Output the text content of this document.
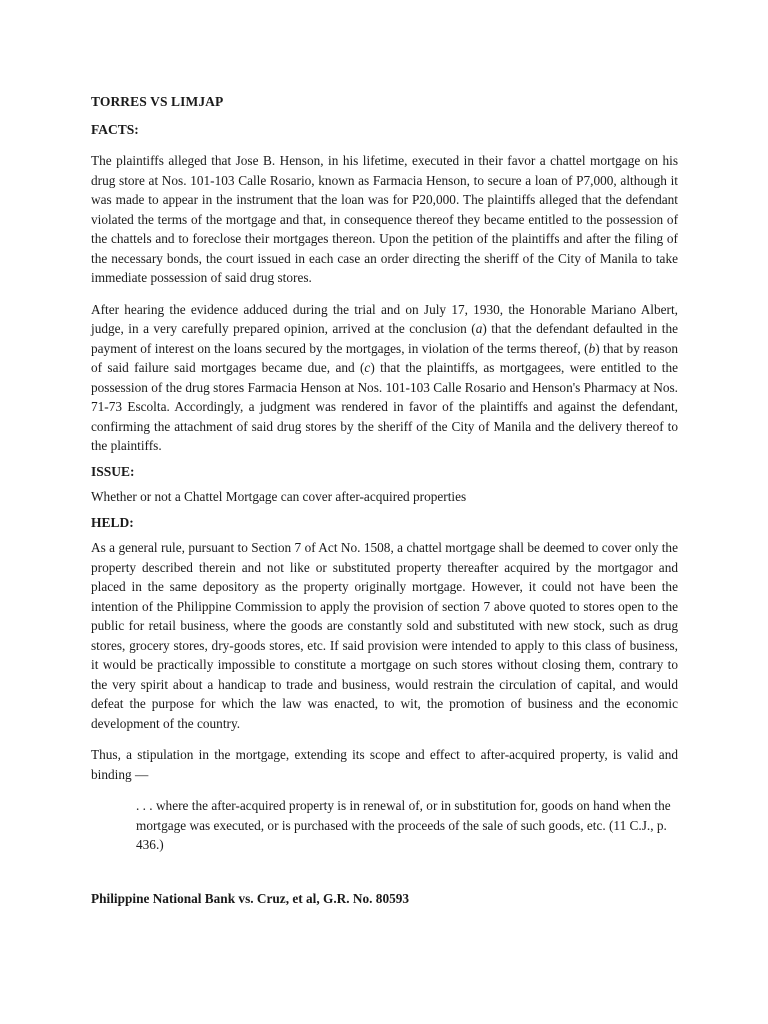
TORRES VS LIMJAP

FACTS:

The plaintiffs alleged that Jose B. Henson, in his lifetime, executed in their favor a chattel mortgage on his drug store at Nos. 101-103 Calle Rosario, known as Farmacia Henson, to secure a loan of P7,000, although it was made to appear in the instrument that the loan was for P20,000. The plaintiffs alleged that the defendant violated the terms of the mortgage and that, in consequence thereof they became entitled to the possession of the chattels and to foreclose their mortgages thereon. Upon the petition of the plaintiffs and after the filing of the necessary bonds, the court issued in each case an order directing the sheriff of the City of Manila to take immediate possession of said drug stores.

After hearing the evidence adduced during the trial and on July 17, 1930, the Honorable Mariano Albert, judge, in a very carefully prepared opinion, arrived at the conclusion (a) that the defendant defaulted in the payment of interest on the loans secured by the mortgages, in violation of the terms thereof, (b) that by reason of said failure said mortgages became due, and (c) that the plaintiffs, as mortgagees, were entitled to the possession of the drug stores Farmacia Henson at Nos. 101-103 Calle Rosario and Henson's Pharmacy at Nos. 71-73 Escolta. Accordingly, a judgment was rendered in favor of the plaintiffs and against the defendant, confirming the attachment of said drug stores by the sheriff of the City of Manila and the delivery thereof to the plaintiffs.

ISSUE:

Whether or not a Chattel Mortgage can cover after-acquired properties

HELD:

As a general rule, pursuant to Section 7 of Act No. 1508, a chattel mortgage shall be deemed to cover only the property described therein and not like or substituted property thereafter acquired by the mortgagor and placed in the same depository as the property originally mortgage. However, it could not have been the intention of the Philippine Commission to apply the provision of section 7 above quoted to stores open to the public for retail business, where the goods are constantly sold and substituted with new stock, such as drug stores, grocery stores, dry-goods stores, etc. If said provision were intended to apply to this class of business, it would be practically impossible to constitute a mortgage on such stores without closing them, contrary to the very spirit about a handicap to trade and business, would restrain the circulation of capital, and would defeat the purpose for which the law was enacted, to wit, the promotion of business and the economic development of the country.

Thus, a stipulation in the mortgage, extending its scope and effect to after-acquired property, is valid and binding —

. . . where the after-acquired property is in renewal of, or in substitution for, goods on hand when the mortgage was executed, or is purchased with the proceeds of the sale of such goods, etc. (11 C.J., p. 436.)

Philippine National Bank vs. Cruz, et al, G.R. No. 80593
